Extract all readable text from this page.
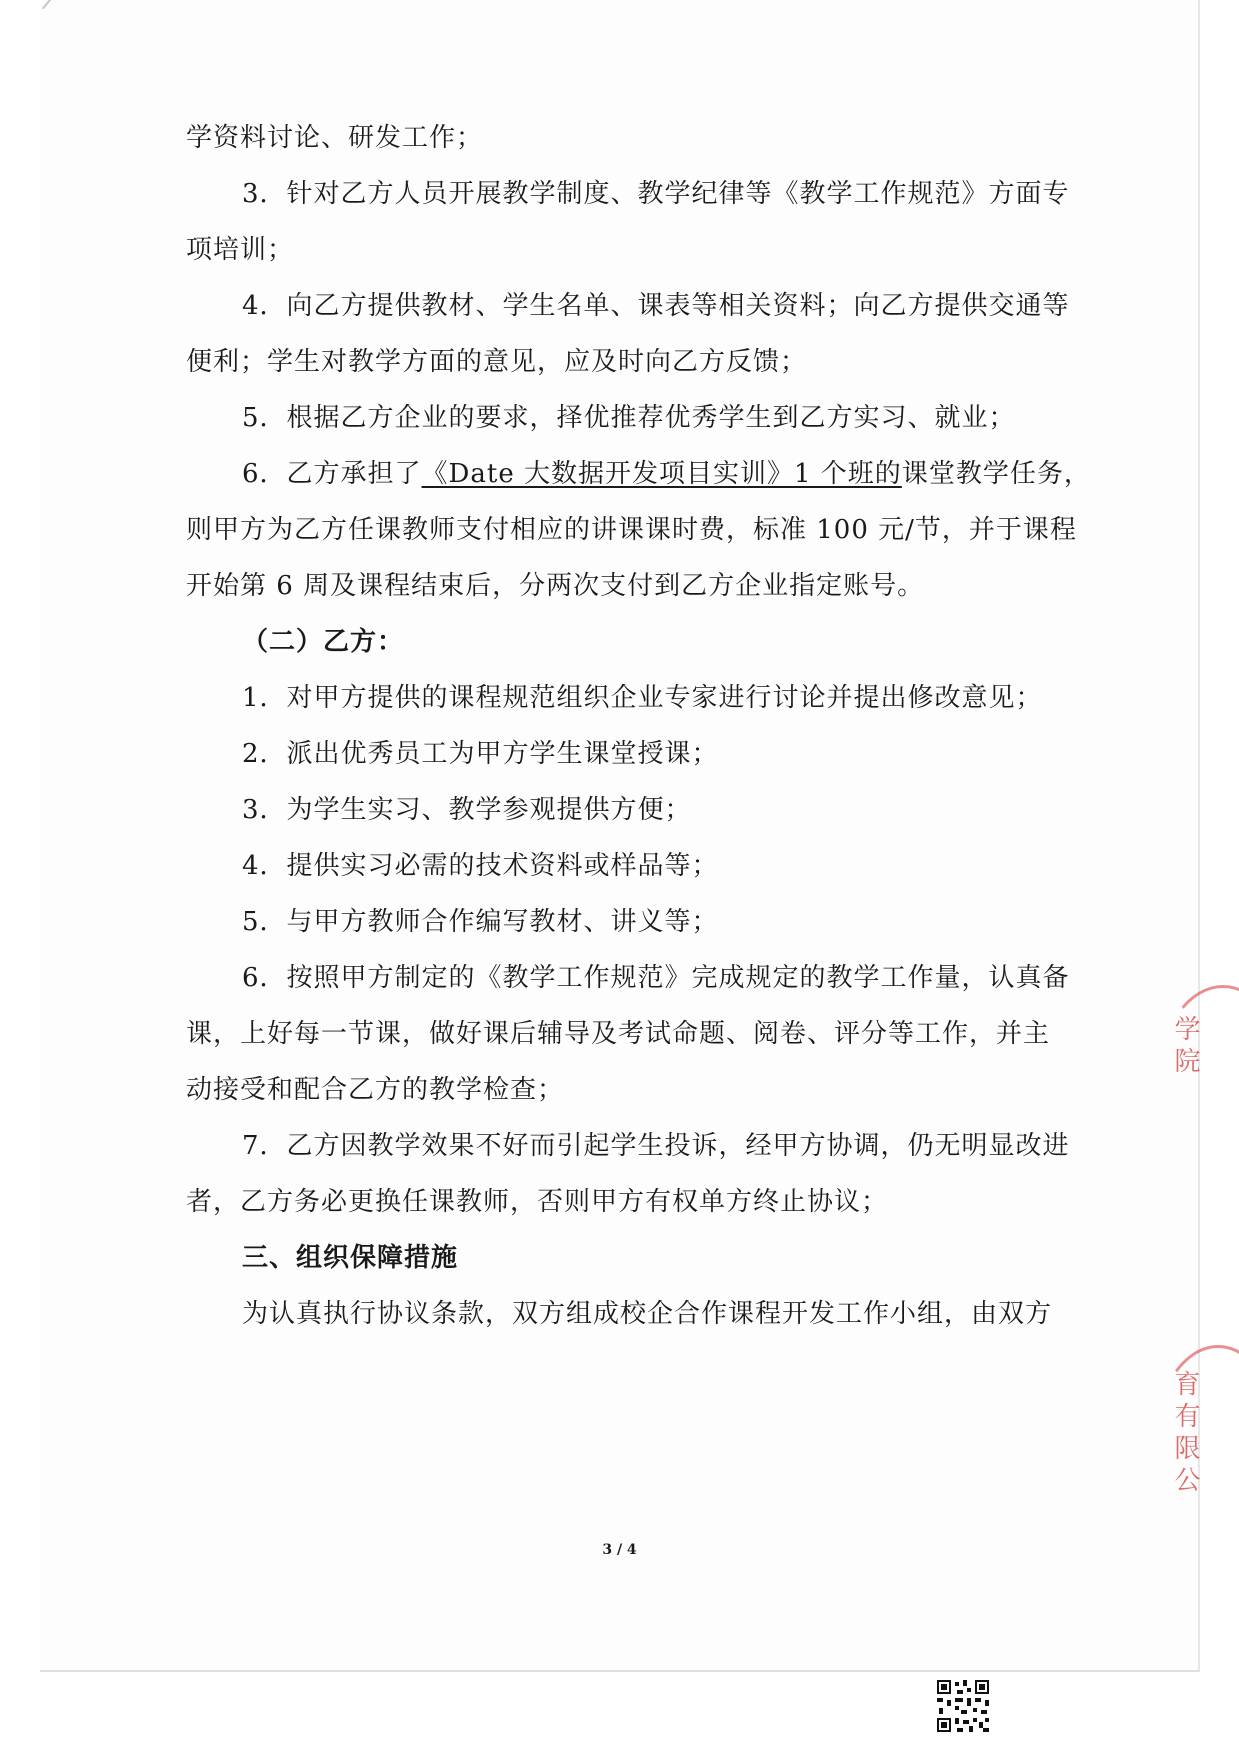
学资料讨论、研发工作；
3．针对乙方人员开展教学制度、教学纪律等《教学工作规范》方面专
项培训；
4．向乙方提供教材、学生名单、课表等相关资料；向乙方提供交通等
便利；学生对教学方面的意见，应及时向乙方反馈；
5．根据乙方企业的要求，择优推荐优秀学生到乙方实习、就业；
6．乙方承担了《Date 大数据开发项目实训》1 个班的课堂教学任务，
则甲方为乙方任课教师支付相应的讲课课时费，标准 100 元/节，并于课程
开始第 6 周及课程结束后，分两次支付到乙方企业指定账号。
（二）乙方：
1．对甲方提供的课程规范组织企业专家进行讨论并提出修改意见；
2．派出优秀员工为甲方学生课堂授课；
3．为学生实习、教学参观提供方便；
4．提供实习必需的技术资料或样品等；
5．与甲方教师合作编写教材、讲义等；
6．按照甲方制定的《教学工作规范》完成规定的教学工作量，认真备
课，上好每一节课，做好课后辅导及考试命题、阅卷、评分等工作，并主
动接受和配合乙方的教学检查；
7．乙方因教学效果不好而引起学生投诉，经甲方协调，仍无明显改进
者，乙方务必更换任课教师，否则甲方有权单方终止协议；
三、组织保障措施
为认真执行协议条款，双方组成校企合作课程开发工作小组，由双方
3 / 4
学院
育有限公
